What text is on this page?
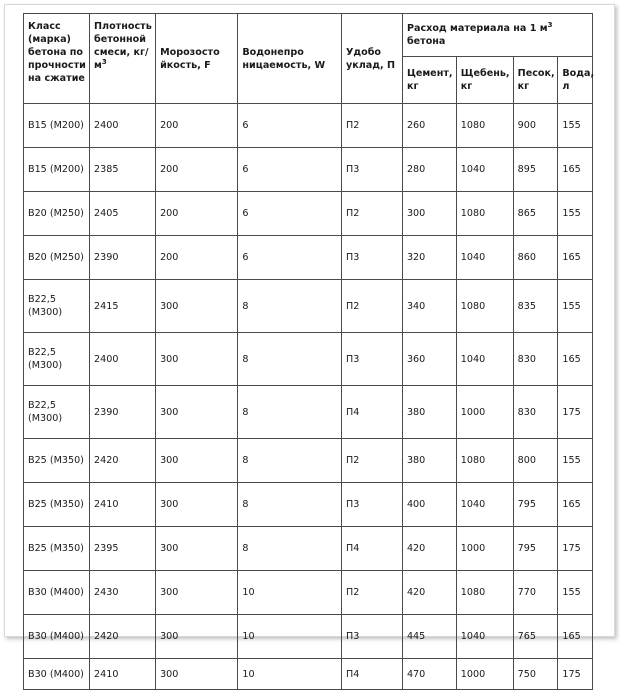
Класс (марка) бетона по прочности на сжатие	Плотность бетонной смеси, $кг/м^3$	Морозосто йкость, F	Водонепро ницаемость, W	Удобо уклад, П	Расход материала на 1 $м^3$ бетона			
					Цемент, кг	Щебень, кг	Песок, кг	Вода, л
B15 (M200)	2400	200	6	П2	260	1080	900	155
B15 (M200)	2385	200	6	П3	280	1040	895	165
B20 (M250)	2405	200	6	П2	300	1080	865	155
B20 (M250)	2390	200	6	П3	320	1040	860	165
B22,5 (M300)	2415	300	8	П2	340	1080	835	155
B22,5 (M300)	2400	300	8	П3	360	1040	830	165
B22,5 (M300)	2390	300	8	П4	380	1000	830	175
B25 (M350)	2420	300	8	П2	380	1080	800	155
B25 (M350)	2410	300	8	П3	400	1040	795	165
B25 (M350)	2395	300	8	П4	420	1000	795	175
B30 (M400)	2430	300	10	П2	420	1080	770	155
B30 (M400)	2420	300	10	П3	445	1040	765	165
B30 (M400)	2410	300	10	П4	470	1000	750	175
